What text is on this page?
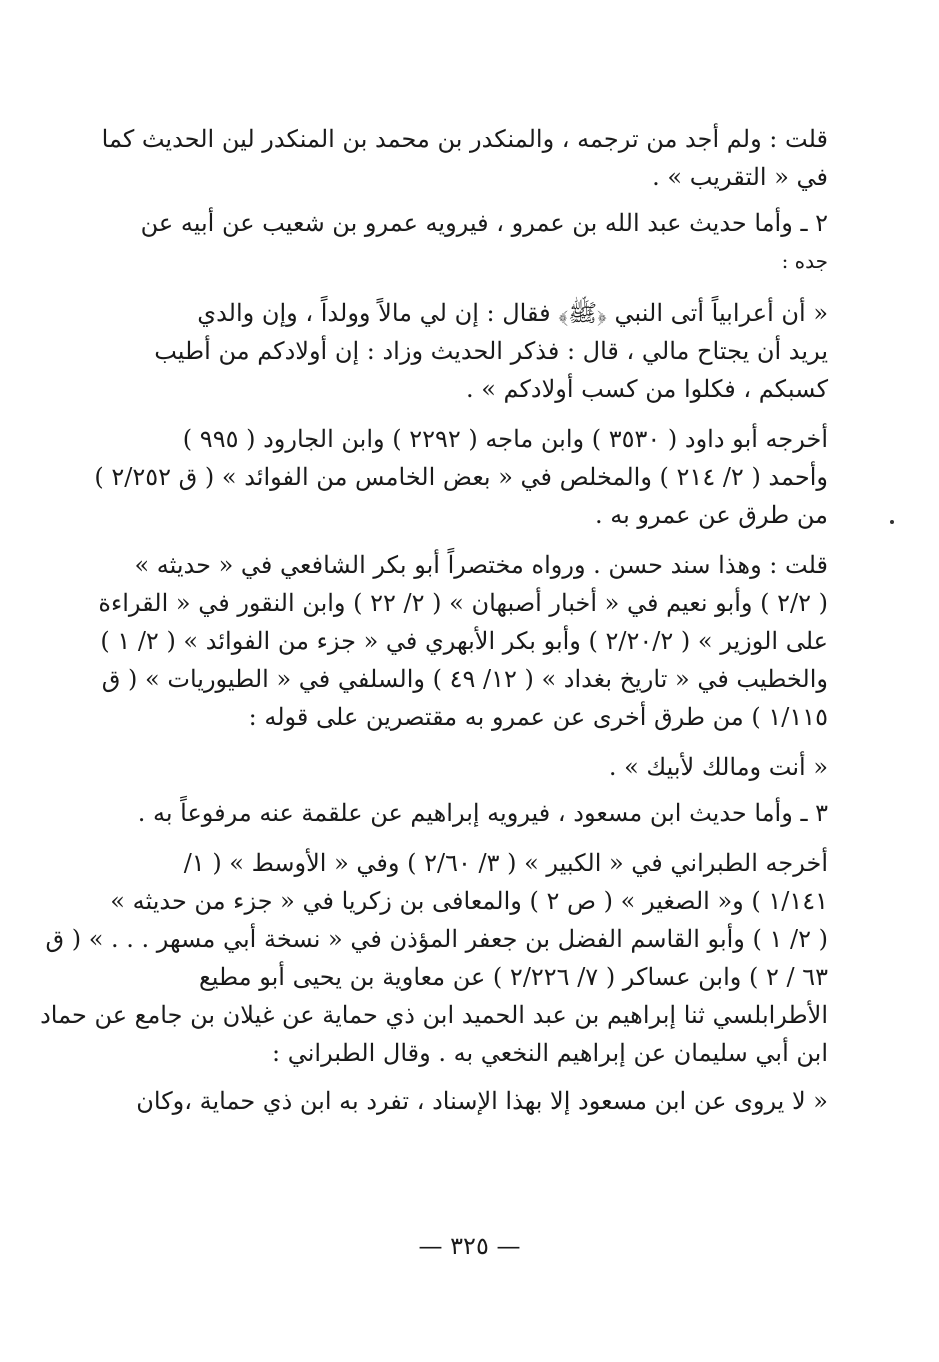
قلت : ولم أجد من ترجمه ، والمنكدر بن محمد بن المنكدر لين الحديث كما
في « التقريب » .
٢ ـ وأما حديث عبد الله بن عمرو ، فيرويه عمرو بن شعيب عن أبيه عن
جده :
« أن أعرابياً أتى النبي ﴿ﷺ﴾ فقال : إن لي مالاً وولداً ، وإن والدي
يريد أن يجتاح مالي ، قال : فذكر الحديث وزاد : إن أولادكم من أطيب
كسبكم ، فكلوا من كسب أولادكم » .
أخرجه أبو داود ( ٣٥٣٠ ) وابن ماجه ( ٢٢٩٢ ) وابن الجارود ( ٩٩٥ )
وأحمد ( ٢/ ٢١٤ ) والمخلص في « بعض الخامس من الفوائد » ( ق ٢/٢٥٢ )
من طرق عن عمرو به .
قلت : وهذا سند حسن . ورواه مختصراً أبو بكر الشافعي في « حديثه »
( ٢/٢ ) وأبو نعيم في « أخبار أصبهان » ( ٢/ ٢٢ ) وابن النقور في « القراءة
على الوزير » ( ٢/٢٠/٢ ) وأبو بكر الأبهري في « جزء من الفوائد » ( ٢/ ١ )
والخطيب في « تاريخ بغداد » ( ١٢/ ٤٩ ) والسلفي في « الطيوريات » ( ق
١/١١٥ ) من طرق أخرى عن عمرو به مقتصرين على قوله :
« أنت ومالك لأبيك » .
٣ ـ وأما حديث ابن مسعود ، فيرويه إبراهيم عن علقمة عنه مرفوعاً به .
أخرجه الطبراني في « الكبير » ( ٣/ ٢/٦٠ ) وفي « الأوسط » ( ١/
١/١٤١ ) و« الصغير » ( ص ٢ ) والمعافى بن زكريا في « جزء من حديثه »
( ٢/ ١ ) وأبو القاسم الفضل بن جعفر المؤذن في « نسخة أبي مسهر . . . » ( ق
٦٣ / ٢ ) وابن عساكر ( ٧/ ٢/٢٢٦ ) عن معاوية بن يحيى أبو مطيع
الأطرابلسي ثنا إبراهيم بن عبد الحميد ابن ذي حماية عن غيلان بن جامع عن حماد
ابن أبي سليمان عن إبراهيم النخعي به . وقال الطبراني :
« لا يروى عن ابن مسعود إلا بهذا الإسناد ، تفرد به ابن ذي حماية ،وكان
— ٣٢٥ —
